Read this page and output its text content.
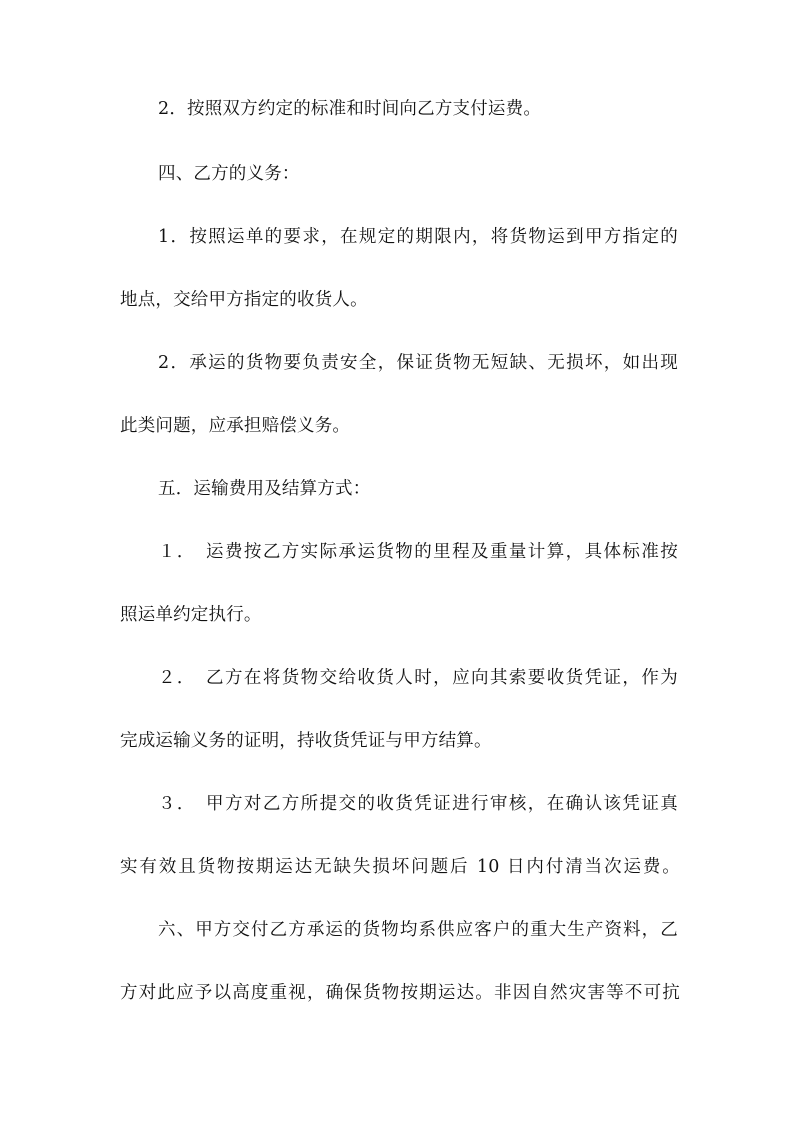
2．按照双方约定的标准和时间向乙方支付运费。
四、乙方的义务：
1．按照运单的要求，在规定的期限内，将货物运到甲方指定的
地点，交给甲方指定的收货人。
2．承运的货物要负责安全，保证货物无短缺、无损坏，如出现
此类问题，应承担赔偿义务。
五．运输费用及结算方式：
１．　运费按乙方实际承运货物的里程及重量计算，具体标准按
照运单约定执行。
２．　乙方在将货物交给收货人时，应向其索要收货凭证，作为
完成运输义务的证明，持收货凭证与甲方结算。
３．　甲方对乙方所提交的收货凭证进行审核，在确认该凭证真
实有效且货物按期运达无缺失损坏问题后 10 日内付清当次运费。
六、甲方交付乙方承运的货物均系供应客户的重大生产资料，乙
方对此应予以高度重视，确保货物按期运达。非因自然灾害等不可抗
